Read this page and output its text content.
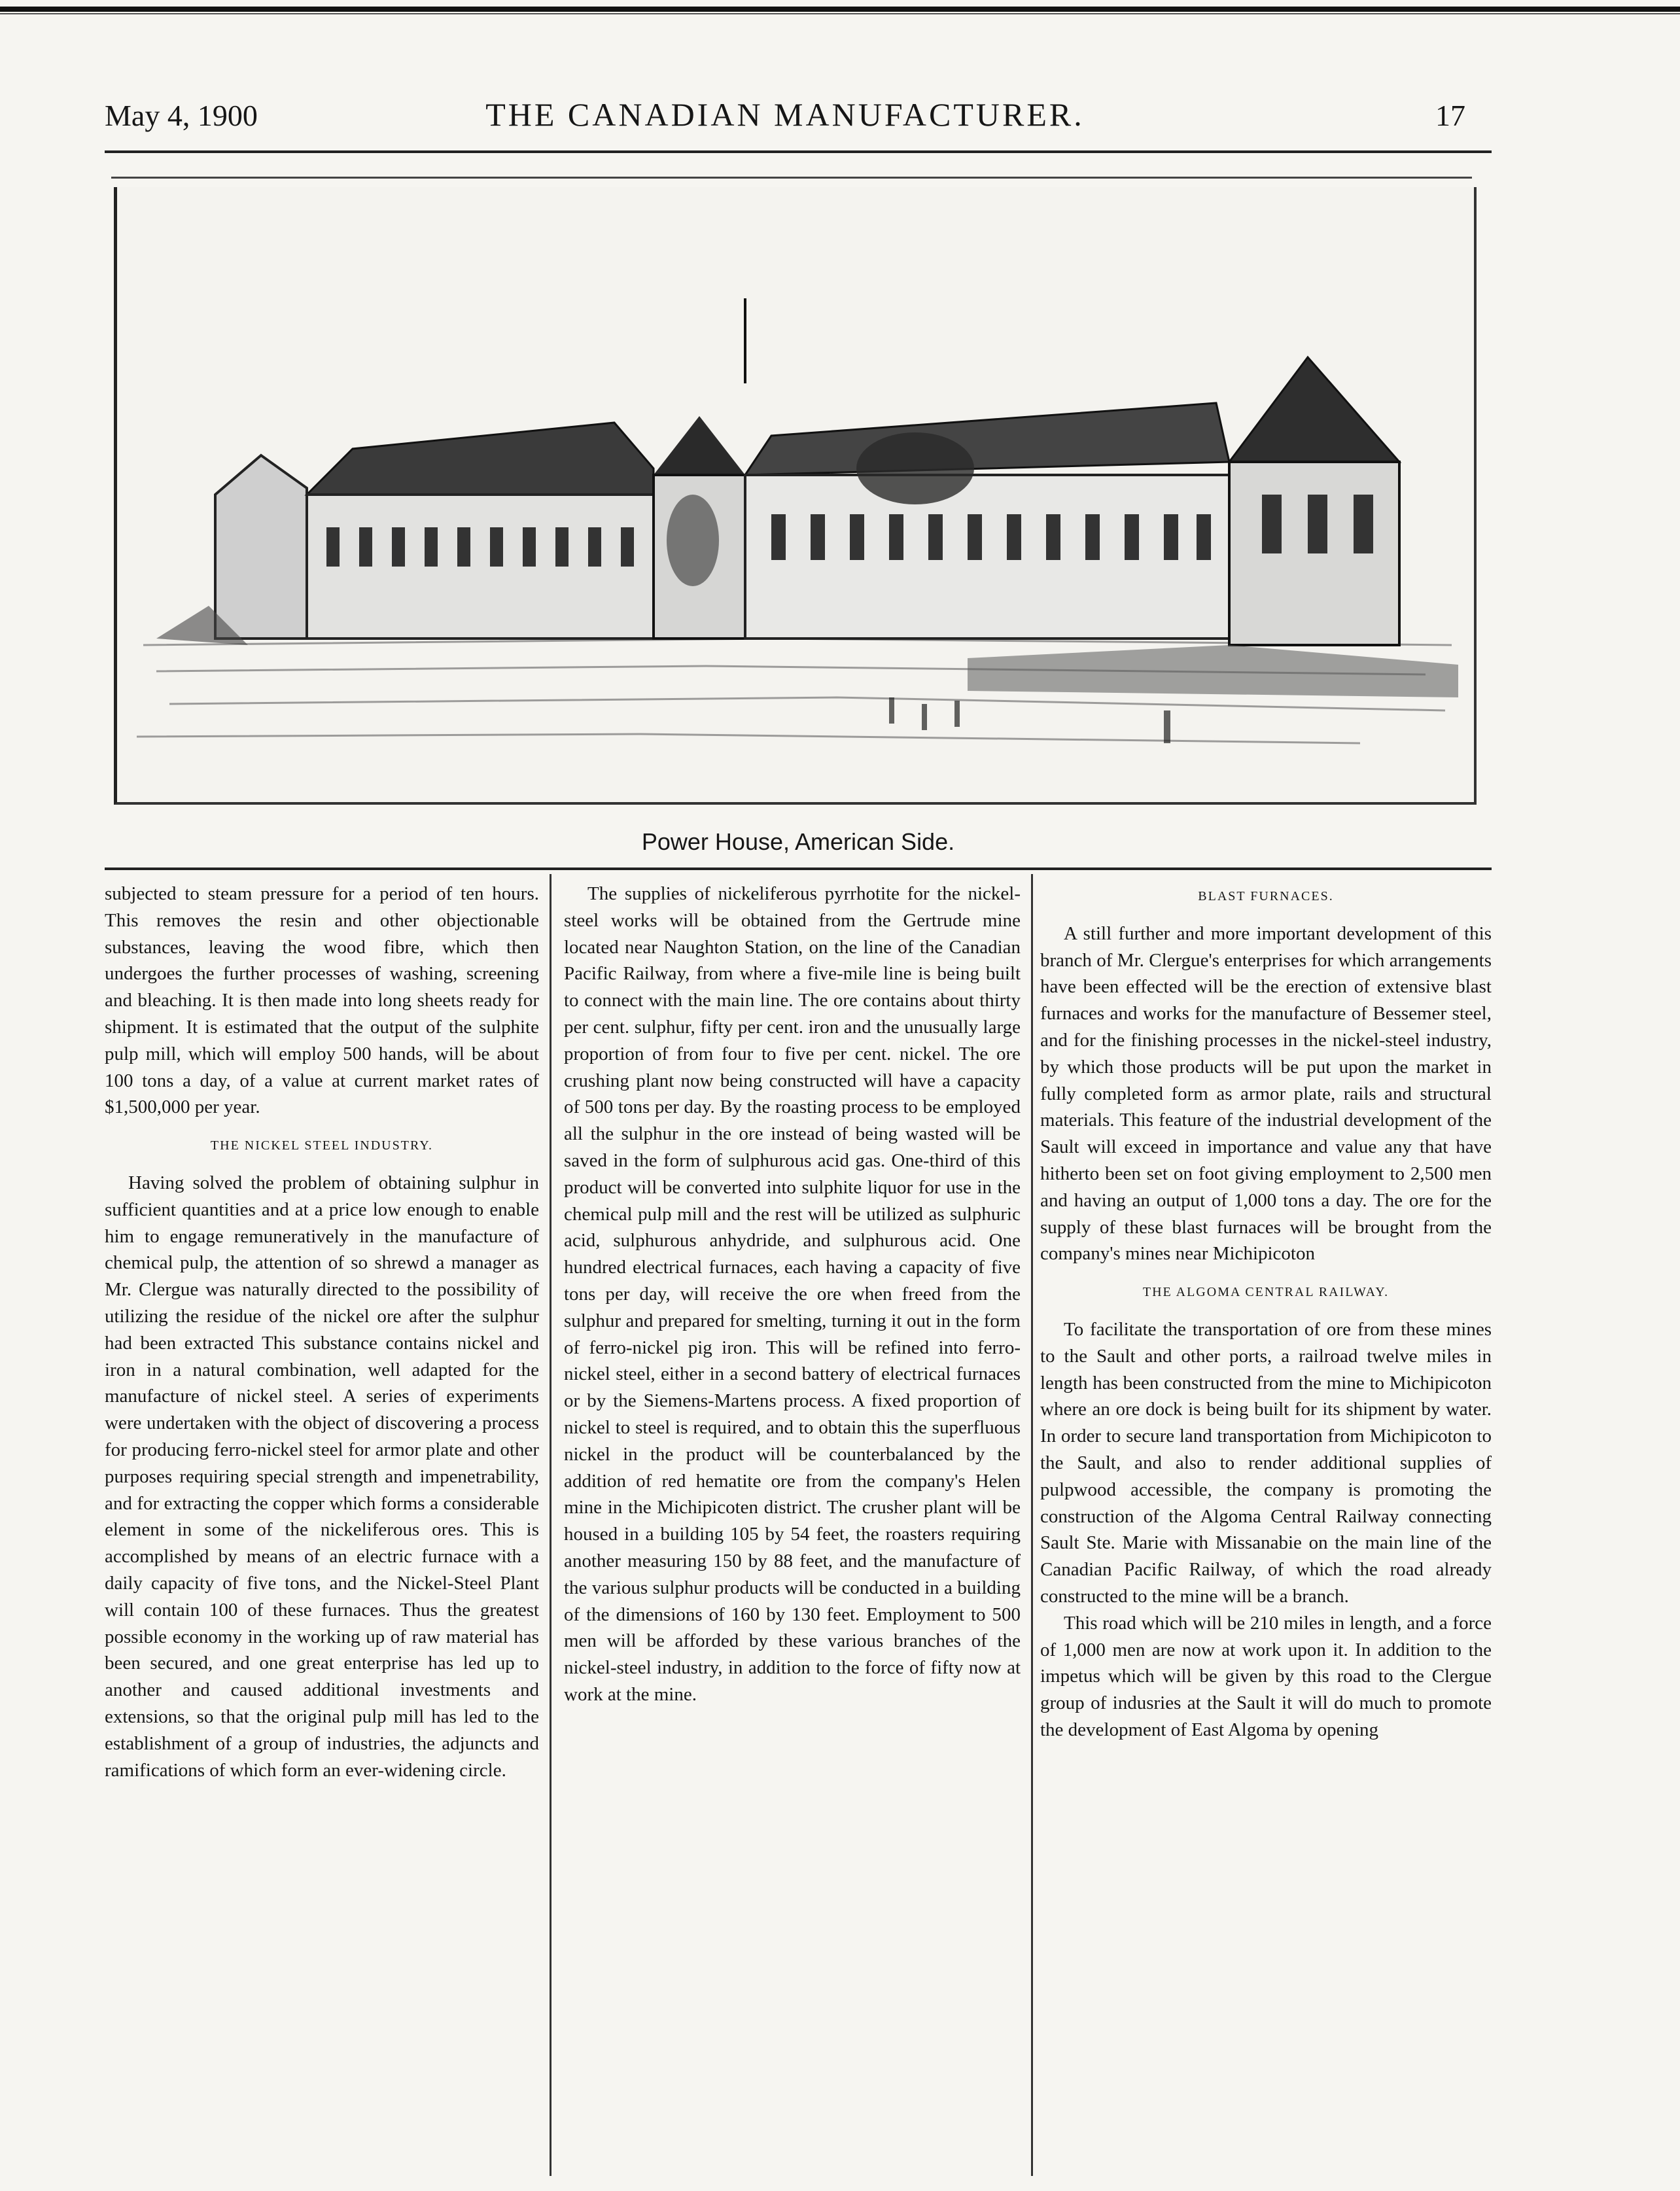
May 4, 1900	THE CANADIAN MANUFACTURER.	17
Power House, American Side.

subjected to steam pressure for a period of ten hours. This removes the resin and other objectionable substances, leaving the wood fibre, which then undergoes the further processes of washing, screening and bleaching. It is then made into long sheets ready for shipment. It is estimated that the output of the sulphite pulp mill, which will employ 500 hands, will be about 100 tons a day, of a value at current market rates of $1,500,000 per year.

THE NICKEL STEEL INDUSTRY.

Having solved the problem of obtaining sulphur in sufficient quantities and at a price low enough to enable him to engage remuneratively in the manufacture of chemical pulp, the attention of so shrewd a manager as Mr. Clergue was naturally directed to the possibility of utilizing the residue of the nickel ore after the sulphur had been extracted This substance contains nickel and iron in a natural combination, well adapted for the manufacture of nickel steel. A series of experiments were undertaken with the object of discovering a process for producing ferro-nickel steel for armor plate and other purposes requiring special strength and impenetrability, and for extracting the copper which forms a considerable element in some of the nickeliferous ores. This is accomplished by means of an electric furnace with a daily capacity of five tons, and the Nickel-Steel Plant will contain 100 of these furnaces. Thus the greatest possible economy in the working up of raw material has been secured, and one great enterprise has led up to another and caused additional investments and extensions, so that the original pulp mill has led to the establishment of a group of industries, the adjuncts and ramifications of which form an ever-widening circle.

The supplies of nickeliferous pyrrhotite for the nickel-steel works will be obtained from the Gertrude mine located near Naughton Station, on the line of the Canadian Pacific Railway, from where a five-mile line is being built to connect with the main line. The ore contains about thirty per cent. sulphur, fifty per cent. iron and the unusually large proportion of from four to five per cent. nickel. The ore crushing plant now being constructed will have a capacity of 500 tons per day. By the roasting process to be employed all the sulphur in the ore instead of being wasted will be saved in the form of sulphurous acid gas. One-third of this product will be converted into sulphite liquor for use in the chemical pulp mill and the rest will be utilized as sulphuric acid, sulphurous anhydride, and sulphurous acid. One hundred electrical furnaces, each having a capacity of five tons per day, will receive the ore when freed from the sulphur and prepared for smelting, turning it out in the form of ferro-nickel pig iron. This will be refined into ferro-nickel steel, either in a second battery of electrical furnaces or by the Siemens-Martens process. A fixed proportion of nickel to steel is required, and to obtain this the superfluous nickel in the product will be counterbalanced by the addition of red hematite ore from the company's Helen mine in the Michipicoten district. The crusher plant will be housed in a building 105 by 54 feet, the roasters requiring another measuring 150 by 88 feet, and the manufacture of the various sulphur products will be conducted in a building of the dimensions of 160 by 130 feet. Employment to 500 men will be afforded by these various branches of the nickel-steel industry, in addition to the force of fifty now at work at the mine.

BLAST FURNACES.

A still further and more important development of this branch of Mr. Clergue's enterprises for which arrangements have been effected will be the erection of extensive blast furnaces and works for the manufacture of Bessemer steel, and for the finishing processes in the nickel-steel industry, by which those products will be put upon the market in fully completed form as armor plate, rails and structural materials. This feature of the industrial development of the Sault will exceed in importance and value any that have hitherto been set on foot giving employment to 2,500 men and having an output of 1,000 tons a day. The ore for the supply of these blast furnaces will be brought from the company's mines near Michipicoton

THE ALGOMA CENTRAL RAILWAY.

To facilitate the transportation of ore from these mines to the Sault and other ports, a railroad twelve miles in length has been constructed from the mine to Michipicoton where an ore dock is being built for its shipment by water. In order to secure land transportation from Michipicoton to the Sault, and also to render additional supplies of pulpwood accessible, the company is promoting the construction of the Algoma Central Railway connecting Sault Ste. Marie with Missanabie on the main line of the Canadian Pacific Railway, of which the road already constructed to the mine will be a branch.

This road which will be 210 miles in length, and a force of 1,000 men are now at work upon it. In addition to the impetus which will be given by this road to the Clergue group of indusries at the Sault it will do much to promote the development of East Algoma by opening
